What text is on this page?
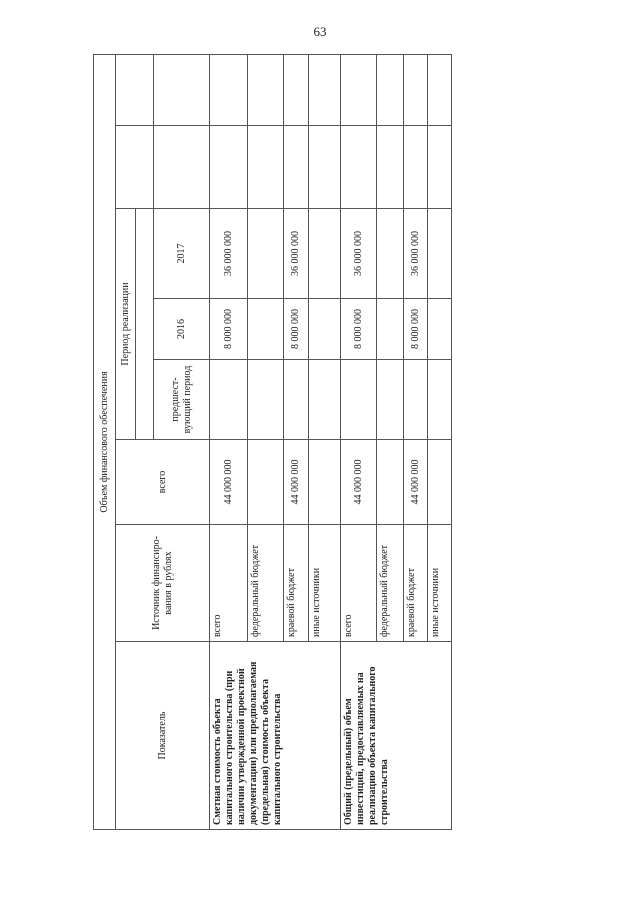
63
Объем финансового обеспечения							
Показатель	Источник финансиро-вания в рублях	всего	Период реализации				

			предшест-вующий период	2016	2017		
Сметная стоимость объекта капитального строительства (при наличии утвержденной проектной документации) или предполагаемая (предельная) стоимость объекта капитального строительства	всего	44 000 000		8 000 000	36 000 000		
	федеральный бюджет						
	краевой бюджет	44 000 000		8 000 000	36 000 000		
	иные источники						
Общий (предельный) объем инвестиций, предоставляемых на реализацию объекта капитального строительства	всего	44 000 000		8 000 000	36 000 000		
	федеральный бюджет						
	краевой бюджет	44 000 000		8 000 000	36 000 000		
	иные источники						
